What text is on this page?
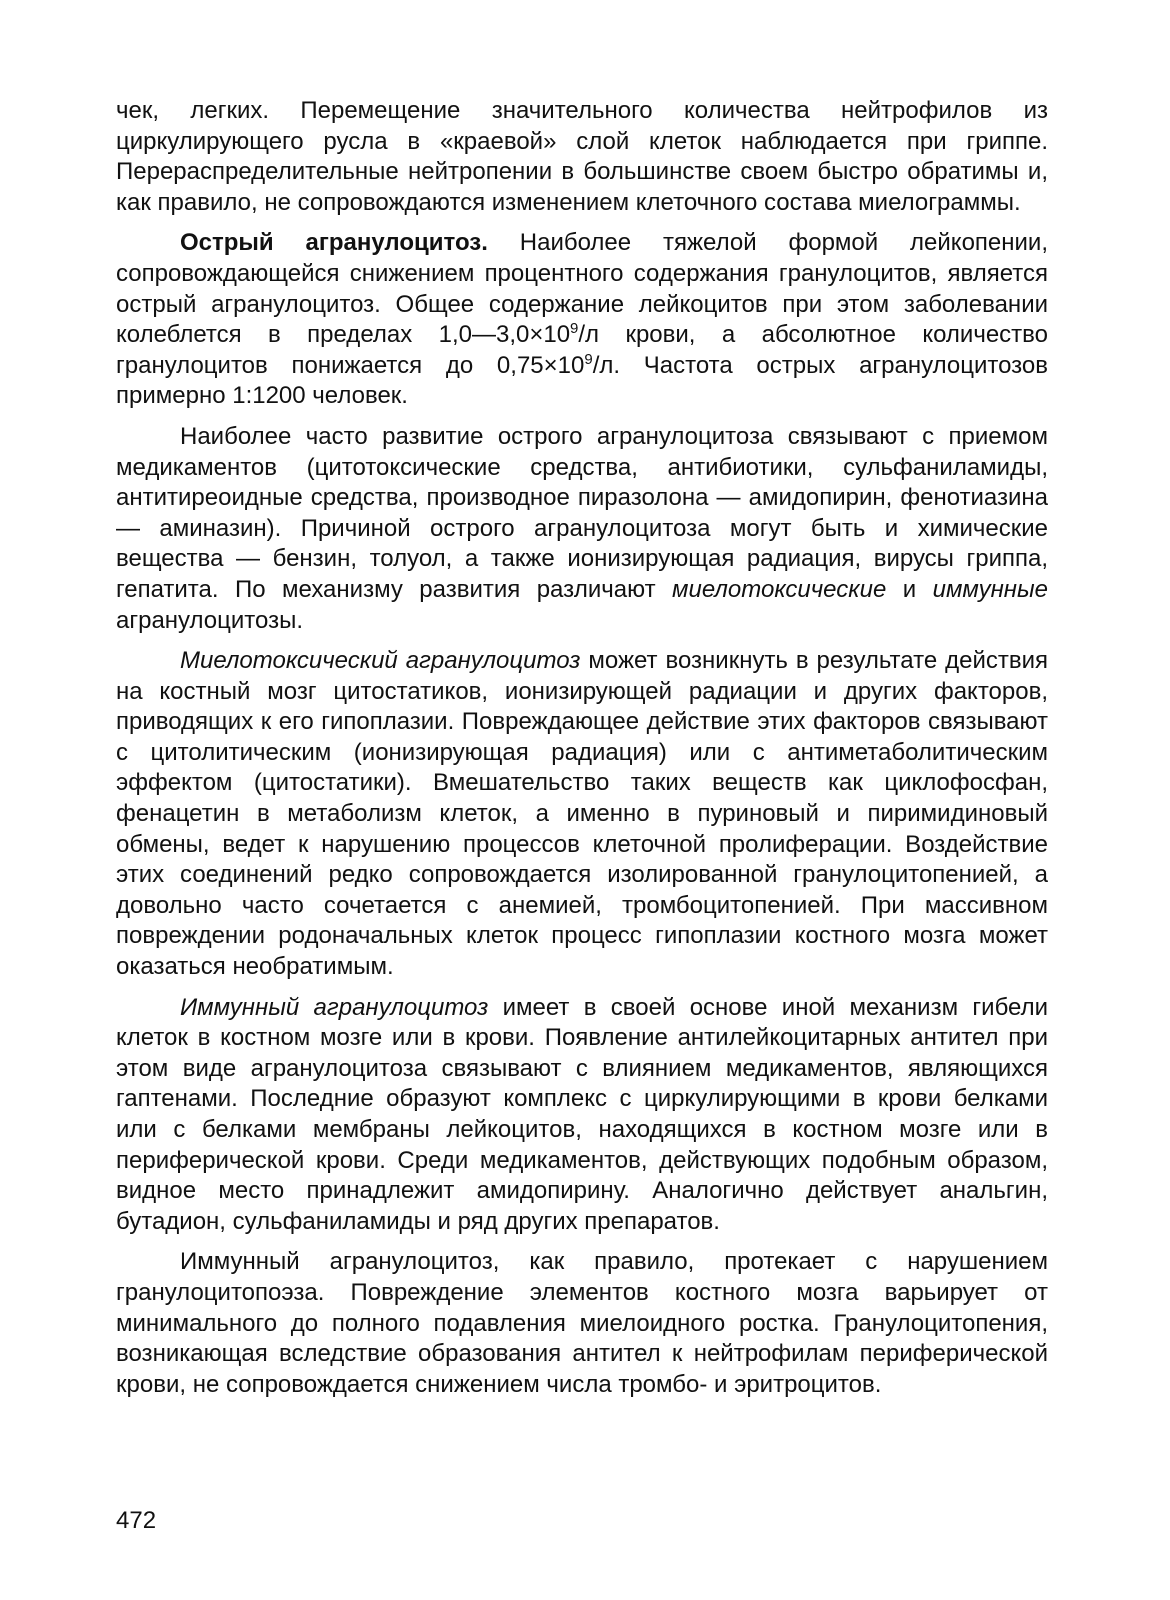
чек, легких. Перемещение значительного количества нейтрофилов из циркулирующего русла в «краевой» слой клеток наблюдается при гриппе. Перераспределительные нейтропении в большинстве своем быстро обратимы и, как правило, не сопровождаются изменением клеточного состава миелограммы.

Острый агранулоцитоз. Наиболее тяжелой формой лейкопении, сопровождающейся снижением процентного содержания гранулоцитов, является острый агранулоцитоз. Общее содержание лейкоцитов при этом заболевании колеблется в пределах $1,0—3,0\times 10^9/л$ крови, а абсолютное количество гранулоцитов понижается до $0,75\times 10^9/л$. Частота острых агранулоцитозов примерно 1:1200 человек.

Наиболее часто развитие острого агранулоцитоза связывают с приемом медикаментов (цитотоксические средства, антибиотики, сульфаниламиды, антитиреоидные средства, производное пиразолона — амидопирин, фенотиазина — аминазин). Причиной острого агранулоцитоза могут быть и химические вещества — бензин, толуол, а также ионизирующая радиация, вирусы гриппа, гепатита. По механизму развития различают миелотоксические и иммунные агранулоцитозы.

Миелотоксический агранулоцитоз может возникнуть в результате действия на костный мозг цитостатиков, ионизирующей радиации и других факторов, приводящих к его гипоплазии. Повреждающее действие этих факторов связывают с цитолитическим (ионизирующая радиация) или с антиметаболитическим эффектом (цитостатики). Вмешательство таких веществ как циклофосфан, фенацетин в метаболизм клеток, а именно в пуриновый и пиримидиновый обмены, ведет к нарушению процессов клеточной пролиферации. Воздействие этих соединений редко сопровождается изолированной гранулоцитопенией, а довольно часто сочетается с анемией, тромбоцитопенией. При массивном повреждении родоначальных клеток процесс гипоплазии костного мозга может оказаться необратимым.

Иммунный агранулоцитоз имеет в своей основе иной механизм гибели клеток в костном мозге или в крови. Появление антилейкоцитарных антител при этом виде агранулоцитоза связывают с влиянием медикаментов, являющихся гаптенами. Последние образуют комплекс с циркулирующими в крови белками или с белками мембраны лейкоцитов, находящихся в костном мозге или в периферической крови. Среди медикаментов, действующих подобным образом, видное место принадлежит амидопирину. Аналогично действует анальгин, бутадион, сульфаниламиды и ряд других препаратов.

Иммунный агранулоцитоз, как правило, протекает с нарушением гранулоцитопоэза. Повреждение элементов костного мозга варьирует от минимального до полного подавления миелоидного ростка. Гранулоцитопения, возникающая вследствие образования антител к нейтрофилам периферической крови, не сопровождается снижением числа тромбо- и эритроцитов.

472
